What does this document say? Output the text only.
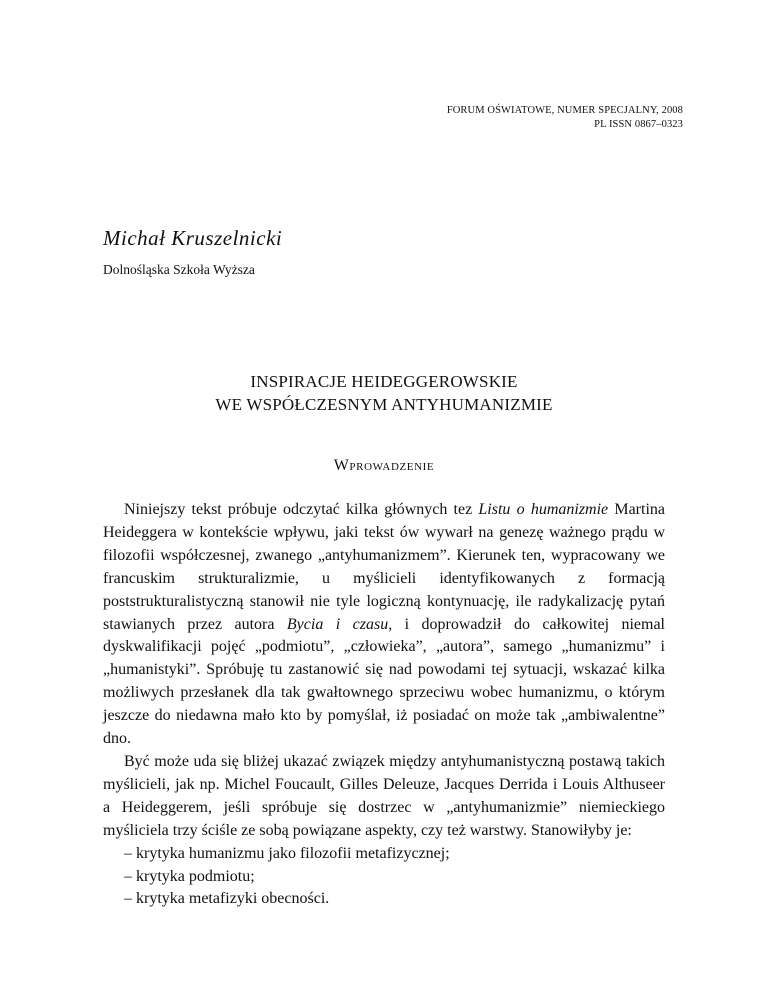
FORUM OŚWIATOWE, NUMER SPECJALNY, 2008
PL ISSN 0867–0323
Michał Kruszelnicki
Dolnośląska Szkoła Wyższa
INSPIRACJE HEIDEGGEROWSKIE
WE WSPÓŁCZESNYM ANTYHUMANIZMIE
Wprowadzenie

Niniejszy tekst próbuje odczytać kilka głównych tez Listu o humanizmie Martina Heideggera w kontekście wpływu, jaki tekst ów wywarł na genezę ważnego prądu w filozofii współczesnej, zwanego „antyhumanizmem”. Kierunek ten, wypracowany we francuskim strukturalizmie, u myślicieli identyfikowanych z formacją poststrukturalistyczną stanowił nie tyle logiczną kontynuację, ile radykalizację pytań stawianych przez autora Bycia i czasu, i doprowadził do całkowitej niemal dyskwalifikacji pojęć „podmiotu”, „człowieka”, „autora”, samego „humanizmu” i „humanistyki”. Spróbuję tu zastanowić się nad powodami tej sytuacji, wskazać kilka możliwych przesłanek dla tak gwałtownego sprzeciwu wobec humanizmu, o którym jeszcze do niedawna mało kto by pomyślał, iż posiadać on może tak „ambiwalentne” dno.

Być może uda się bliżej ukazać związek między antyhumanistyczną postawą takich myślicieli, jak np. Michel Foucault, Gilles Deleuze, Jacques Derrida i Louis Althuseer a Heideggerem, jeśli spróbuje się dostrzec w „antyhumanizmie” niemieckiego myśliciela trzy ściśle ze sobą powiązane aspekty, czy też warstwy. Stanowiłyby je:

– krytyka humanizmu jako filozofii metafizycznej;
– krytyka podmiotu;
– krytyka metafizyki obecności.
